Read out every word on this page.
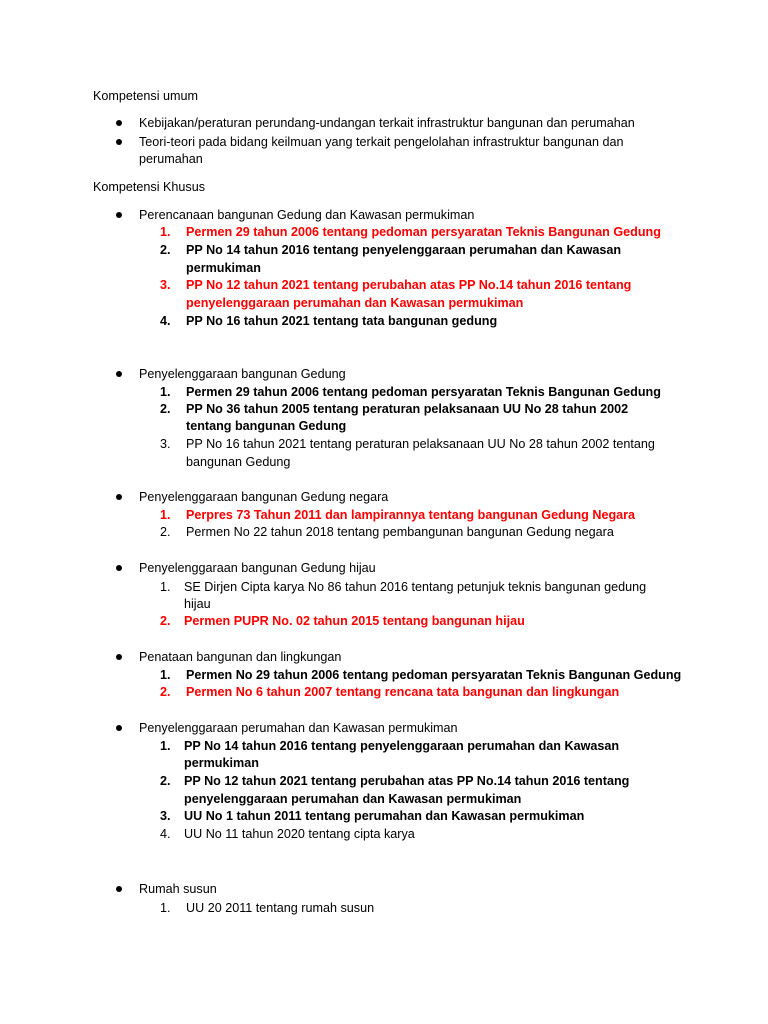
Kompetensi umum
Kebijakan/peraturan perundang-undangan terkait infrastruktur bangunan dan perumahan
Teori-teori pada bidang keilmuan yang terkait pengelolahan infrastruktur bangunan dan
perumahan
Kompetensi Khusus
Perencanaan bangunan Gedung dan Kawasan permukiman
1.	Permen 29 tahun 2006 tentang pedoman persyaratan Teknis Bangunan Gedung
2.	PP No 14 tahun 2016 tentang penyelenggaraan perumahan dan Kawasan
permukiman
3.	PP No 12 tahun 2021 tentang perubahan atas PP No.14 tahun 2016 tentang
penyelenggaraan perumahan dan Kawasan permukiman
4.	PP No 16 tahun 2021 tentang tata bangunan gedung
Penyelenggaraan bangunan Gedung
1.	Permen 29 tahun 2006 tentang pedoman persyaratan Teknis Bangunan Gedung
2.	PP No 36 tahun 2005 tentang peraturan pelaksanaan UU No 28 tahun 2002
tentang bangunan Gedung
3.	PP No 16 tahun 2021 tentang peraturan pelaksanaan UU No 28 tahun 2002 tentang
bangunan Gedung
Penyelenggaraan bangunan Gedung negara
1.	Perpres 73 Tahun 2011 dan lampirannya tentang bangunan Gedung Negara
2.	Permen No 22 tahun 2018 tentang pembangunan bangunan Gedung negara
Penyelenggaraan bangunan Gedung hijau
1.	SE Dirjen Cipta karya No 86 tahun 2016 tentang petunjuk teknis bangunan gedung
hijau
2.	Permen PUPR No. 02 tahun 2015 tentang bangunan hijau
Penataan bangunan dan lingkungan
1.	Permen No 29 tahun 2006 tentang pedoman persyaratan Teknis Bangunan Gedung
2.	Permen No 6 tahun 2007 tentang rencana tata bangunan dan lingkungan
Penyelenggaraan perumahan dan Kawasan permukiman
1.	PP No 14 tahun 2016 tentang penyelenggaraan perumahan dan Kawasan
permukiman
2.	PP No 12 tahun 2021 tentang perubahan atas PP No.14 tahun 2016 tentang
penyelenggaraan perumahan dan Kawasan permukiman
3.	UU No 1 tahun 2011 tentang perumahan dan Kawasan permukiman
4.	UU No 11 tahun 2020 tentang cipta karya
Rumah susun
1.	UU 20 2011 tentang rumah susun
